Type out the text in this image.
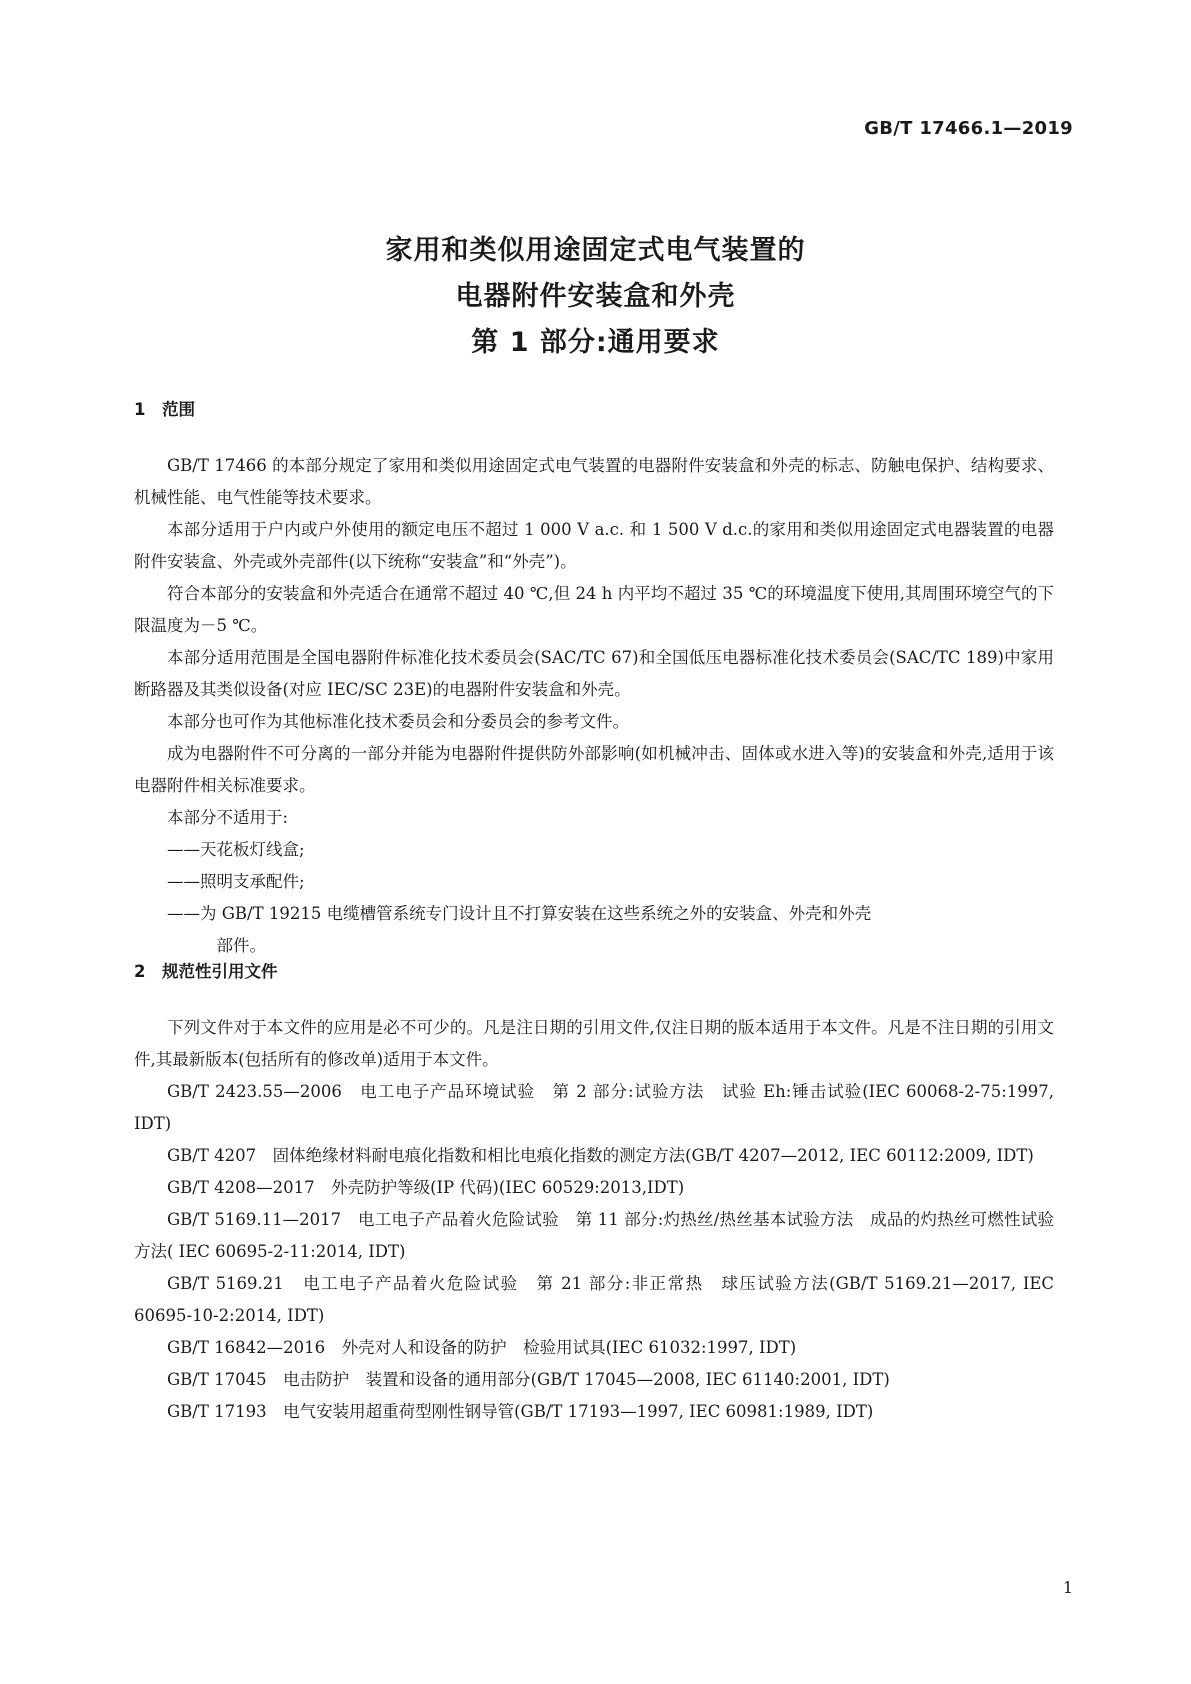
GB/T 17466.1—2019
家用和类似用途固定式电气装置的
电器附件安装盒和外壳
第 1 部分:通用要求
1 范围

GB/T 17466 的本部分规定了家用和类似用途固定式电气装置的电器附件安装盒和外壳的标志、防触电保护、结构要求、机械性能、电气性能等技术要求。

本部分适用于户内或户外使用的额定电压不超过 1 000 V a.c. 和 1 500 V d.c.的家用和类似用途固定式电器装置的电器附件安装盒、外壳或外壳部件(以下统称“安装盒”和“外壳”)。

符合本部分的安装盒和外壳适合在通常不超过 40 ℃,但 24 h 内平均不超过 35 ℃的环境温度下使用,其周围环境空气的下限温度为－5 ℃。

本部分适用范围是全国电器附件标准化技术委员会(SAC/TC 67)和全国低压电器标准化技术委员会(SAC/TC 189)中家用断路器及其类似设备(对应 IEC/SC 23E)的电器附件安装盒和外壳。

本部分也可作为其他标准化技术委员会和分委员会的参考文件。

成为电器附件不可分离的一部分并能为电器附件提供防外部影响(如机械冲击、固体或水进入等)的安装盒和外壳,适用于该电器附件相关标准要求。

本部分不适用于:

——天花板灯线盒;

——照明支承配件;

——为 GB/T 19215 电缆槽管系统专门设计且不打算安装在这些系统之外的安装盒、外壳和外壳

部件。

2 规范性引用文件

下列文件对于本文件的应用是必不可少的。凡是注日期的引用文件,仅注日期的版本适用于本文件。凡是不注日期的引用文件,其最新版本(包括所有的修改单)适用于本文件。

GB/T 2423.55—2006　电工电子产品环境试验　第 2 部分:试验方法　试验 Eh:锤击试验(IEC 60068-2-75:1997, IDT)

GB/T 4207　固体绝缘材料耐电痕化指数和相比电痕化指数的测定方法(GB/T 4207—2012, IEC 60112:2009, IDT)

GB/T 4208—2017　外壳防护等级(IP 代码)(IEC 60529:2013,IDT)

GB/T 5169.11—2017　电工电子产品着火危险试验　第 11 部分:灼热丝/热丝基本试验方法　成品的灼热丝可燃性试验方法( IEC 60695-2-11:2014, IDT)

GB/T 5169.21　电工电子产品着火危险试验　第 21 部分:非正常热　球压试验方法(GB/T 5169.21—2017, IEC 60695-10-2:2014, IDT)

GB/T 16842—2016　外壳对人和设备的防护　检验用试具(IEC 61032:1997, IDT)

GB/T 17045　电击防护　装置和设备的通用部分(GB/T 17045—2008, IEC 61140:2001, IDT)

GB/T 17193　电气安装用超重荷型刚性钢导管(GB/T 17193—1997, IEC 60981:1989, IDT)

1
